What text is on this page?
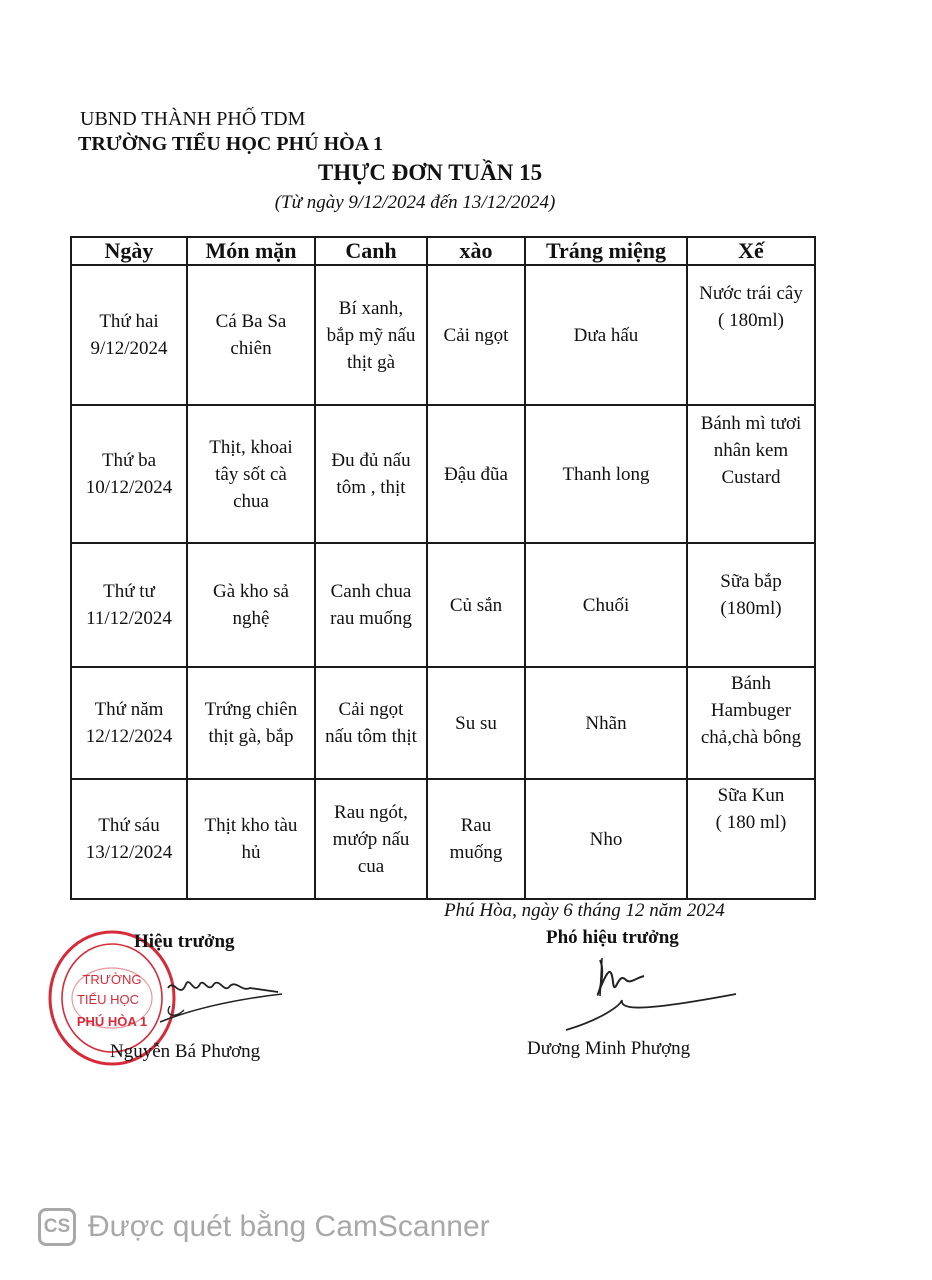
UBND THÀNH PHỐ TDM
TRƯỜNG TIỂU HỌC PHÚ HÒA 1
THỰC ĐƠN TUẦN 15
(Từ ngày 9/12/2024 đến 13/12/2024)
Ngày	Món mặn	Canh	xào	Tráng miệng	Xế

Thứ hai
9/12/2024	Cá Ba Sa
chiên	Bí xanh,
bắp mỹ nấu
thịt gà	Cải ngọt	Dưa hấu	Nước trái cây
( 180ml)

Thứ ba
10/12/2024	Thịt, khoai
tây sốt cà
chua	Đu đủ nấu
tôm , thịt	Đậu đũa	Thanh long	Bánh mì tươi
nhân kem
Custard

Thứ tư
11/12/2024	Gà kho sả
nghệ	Canh chua
rau muống	Củ sắn	Chuối	Sữa bắp
(180ml)

Thứ năm
12/12/2024	Trứng chiên
thịt gà, bắp	Cải ngọt
nấu tôm thịt	Su su	Nhãn	Bánh
Hambuger
chả,chà bông

Thứ sáu
13/12/2024	Thịt kho tàu
hủ	Rau ngót,
mướp nấu
cua	Rau
muống	Nho	Sữa Kun
( 180 ml)
Phú Hòa, ngày 6 tháng 12 năm 2024
TRƯỜNG
TIỂU HỌC
PHÚ HÒA 1
Hiệu trưởng
Nguyễn Bá Phương
Phó hiệu trưởng
Dương Minh Phượng
CS Được quét bằng CamScanner
